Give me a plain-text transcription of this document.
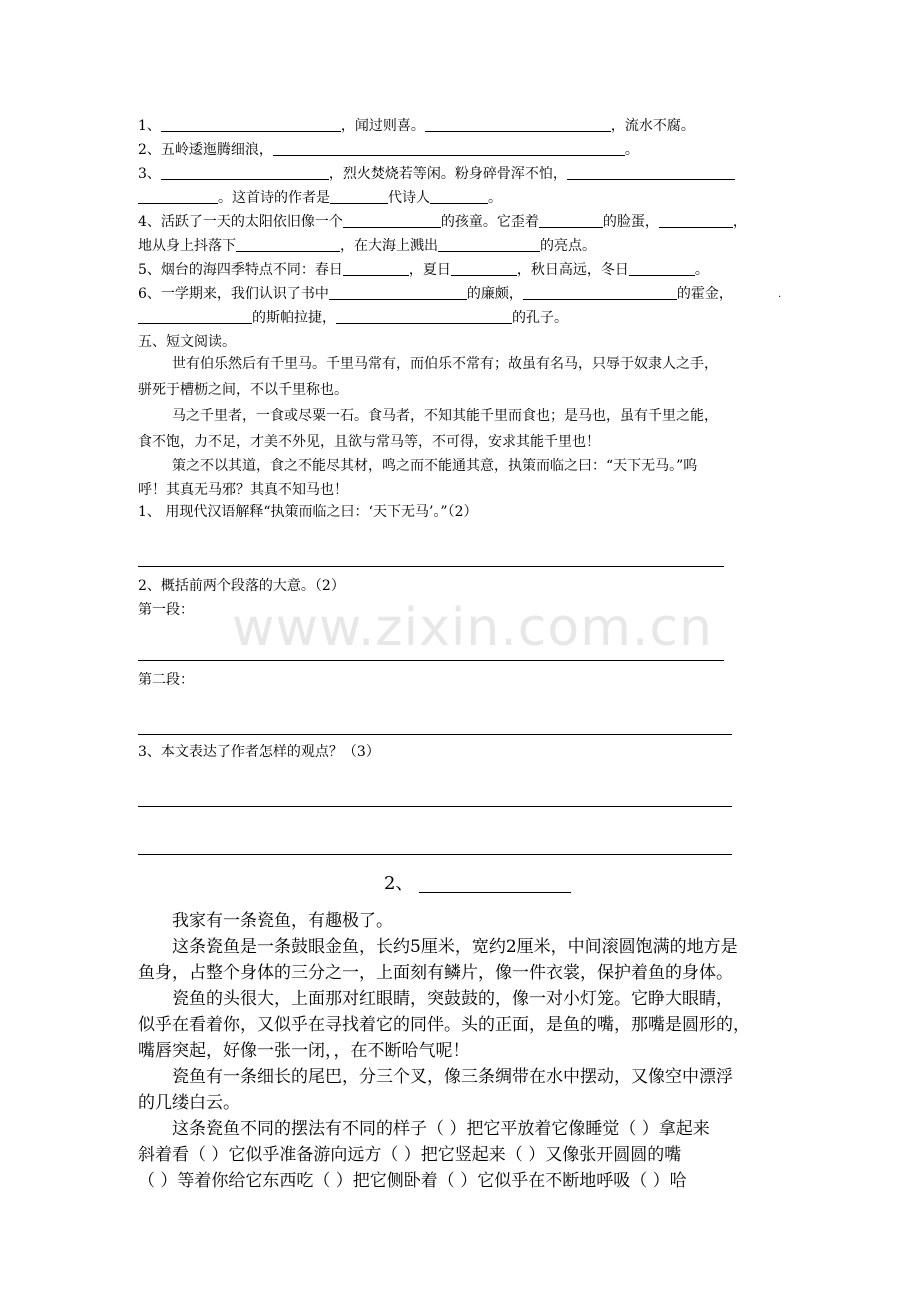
1、	，闻过则喜。	，流水不腐。
2、五岭逶迤腾细浪，	。
3、	，烈火焚烧若等闲。粉身碎骨浑不怕，
。这首诗的作者是	代诗人	。
4、活跃了一天的太阳依旧像一个	的孩童。它歪着	的脸蛋，	，
地从身上抖落下	，在大海上溅出	的亮点。
5、烟台的海四季特点不同：春日	，夏日	，秋日高远，冬日	。
6、一学期来，我们认识了书中	的廉颇，	的霍金，	·
的斯帕拉捷，	的孔子。
五、短文阅读。
世有伯乐然后有千里马。千里马常有，而伯乐不常有；故虽有名马，只辱于奴隶人之手，
骈死于槽枥之间，不以千里称也。
马之千里者，一食或尽粟一石。食马者，不知其能千里而食也；是马也，虽有千里之能，
食不饱，力不足，才美不外见，且欲与常马等，不可得，安求其能千里也！
策之不以其道，食之不能尽其材，鸣之而不能通其意，执策而临之曰：“天下无马。”呜
呼！其真无马邪？其真不知马也！
1、 用现代汉语解释“执策而临之曰：‘天下无马’。”（2）
2、概括前两个段落的大意。（2）
第一段：
第二段：
3、本文表达了作者怎样的观点？（3）
www.zixin.com.cn
2、
我家有一条瓷鱼，有趣极了。
这条瓷鱼是一条鼓眼金鱼，长约5厘米，宽约2厘米，中间滚圆饱满的地方是
鱼身，占整个身体的三分之一，上面刻有鳞片，像一件衣裳，保护着鱼的身体。
瓷鱼的头很大，上面那对红眼睛，突鼓鼓的，像一对小灯笼。它睁大眼睛，
似乎在看着你，又似乎在寻找着它的同伴。头的正面，是鱼的嘴，那嘴是圆形的，
嘴唇突起，好像一张一闭，，在不断哈气呢！
瓷鱼有一条细长的尾巴，分三个叉，像三条绸带在水中摆动，又像空中漂浮
的几缕白云。
这条瓷鱼不同的摆法有不同的样子（ ）把它平放着它像睡觉（ ）拿起来
斜着看（ ）它似乎准备游向远方（ ）把它竖起来（ ）又像张开圆圆的嘴
（ ）等着你给它东西吃（ ）把它侧卧着（ ）它似乎在不断地呼吸（ ）哈
